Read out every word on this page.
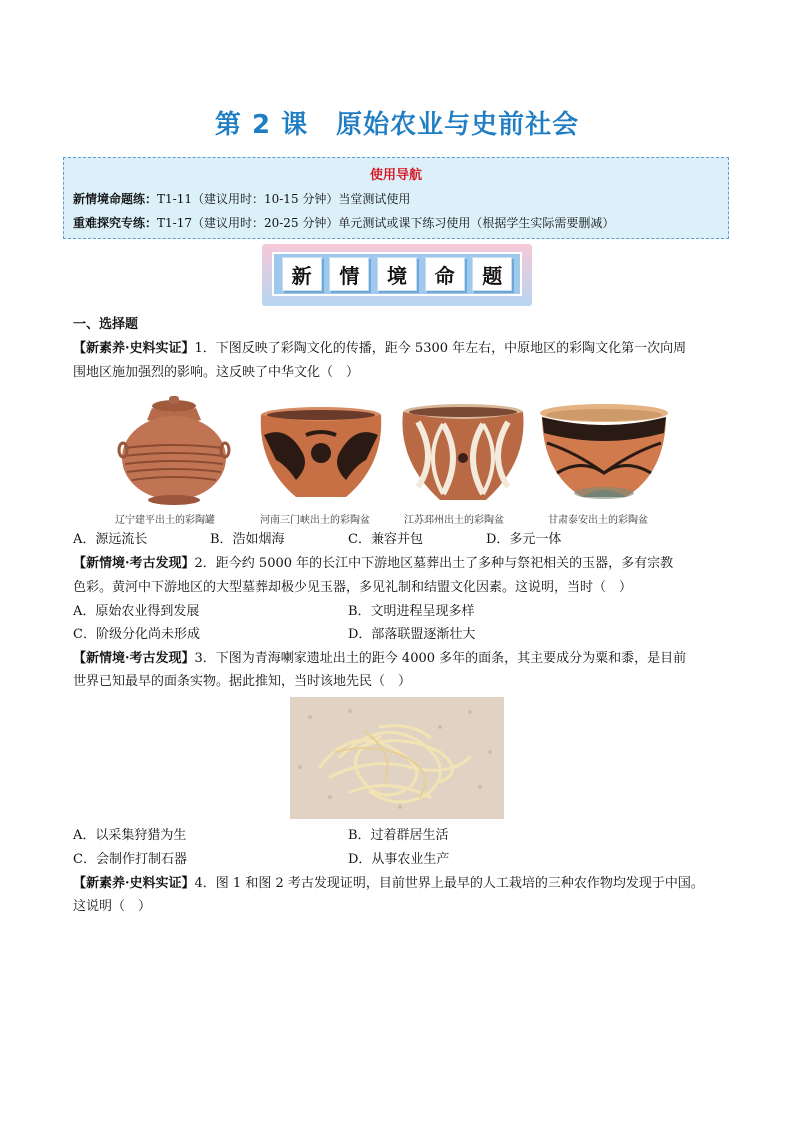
第 2 课 原始农业与史前社会
使用导航
新情境命题练：T1-11（建议用时：10-15 分钟）当堂测试使用
重难探究专练：T1-17（建议用时：20-25 分钟）单元测试或课下练习使用（根据学生实际需要删减）
新	情	境	命	题
一、选择题
【新素养·史料实证】1．下图反映了彩陶文化的传播，距今 5300 年左右，中原地区的彩陶文化第一次向周
围地区施加强烈的影响。这反映了中华文化（　）
辽宁建平出土的彩陶罐	河南三门峡出土的彩陶盆	江苏邳州出土的彩陶盆	甘肃泰安出土的彩陶盆
A．源远流长	B．浩如烟海	C．兼容并包	D．多元一体
【新情境·考古发现】2．距今约 5000 年的长江中下游地区墓葬出土了多种与祭祀相关的玉器，多有宗教
色彩。黄河中下游地区的大型墓葬却极少见玉器，多见礼制和结盟文化因素。这说明，当时（　）
A．原始农业得到发展	B．文明进程呈现多样
C．阶级分化尚未形成	D．部落联盟逐渐壮大
【新情境·考古发现】3．下图为青海喇家遗址出土的距今 4000 多年的面条，其主要成分为粟和黍，是目前
世界已知最早的面条实物。据此推知，当时该地先民（　）
A．以采集狩猎为生	B．过着群居生活
C．会制作打制石器	D．从事农业生产
【新素养·史料实证】4．图 1 和图 2 考古发现证明，目前世界上最早的人工栽培的三种农作物均发现于中国。
这说明（　）
